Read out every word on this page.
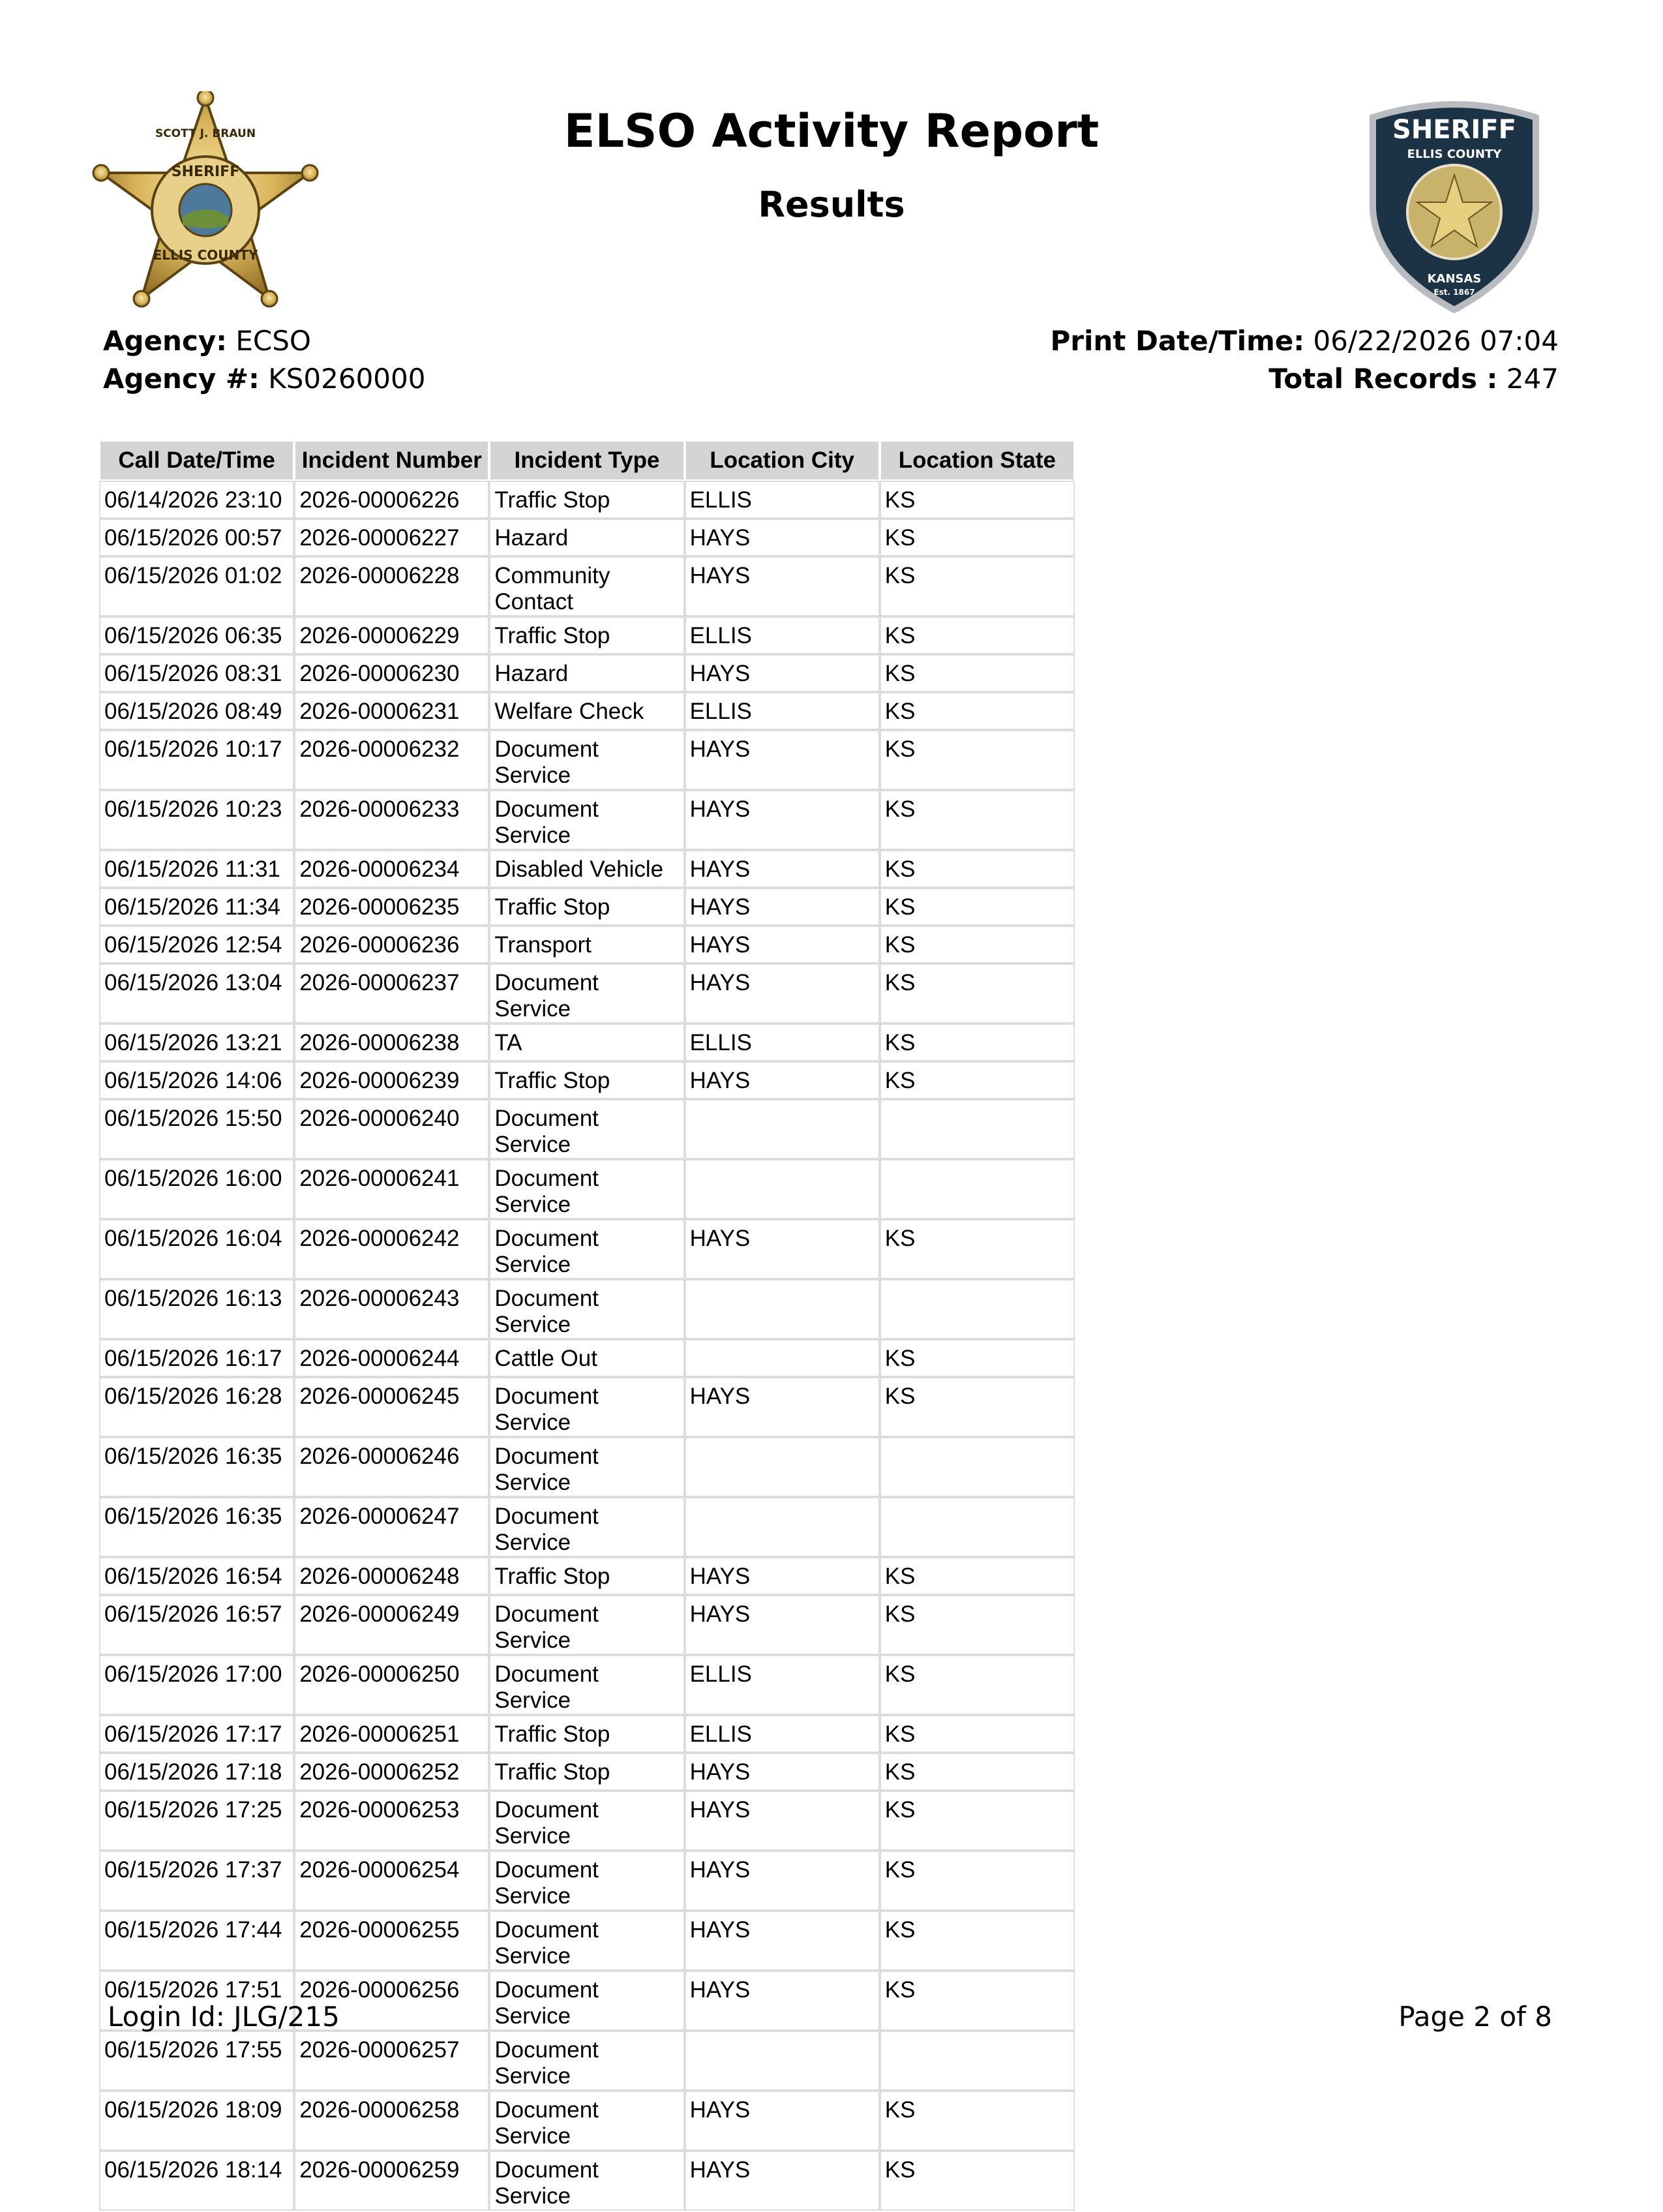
SHERIFF
SCOTT J. BRAUN
ELLIS COUNTY
ELSO Activity Report
Results
SHERIFF
ELLIS COUNTY
KANSAS
Est. 1867
Agency: ECSO
Agency #: KS0260000
Print Date/Time: 06/22/2026 07:04
Total Records : 247
Call Date/Time	Incident Number	Incident Type	Location City	Location State
06/14/2026 23:10	2026-00006226	Traffic Stop	ELLIS	KS
06/15/2026 00:57	2026-00006227	Hazard	HAYS	KS
06/15/2026 01:02	2026-00006228	Community Contact	HAYS	KS
06/15/2026 06:35	2026-00006229	Traffic Stop	ELLIS	KS
06/15/2026 08:31	2026-00006230	Hazard	HAYS	KS
06/15/2026 08:49	2026-00006231	Welfare Check	ELLIS	KS
06/15/2026 10:17	2026-00006232	Document Service	HAYS	KS
06/15/2026 10:23	2026-00006233	Document Service	HAYS	KS
06/15/2026 11:31	2026-00006234	Disabled Vehicle	HAYS	KS
06/15/2026 11:34	2026-00006235	Traffic Stop	HAYS	KS
06/15/2026 12:54	2026-00006236	Transport	HAYS	KS
06/15/2026 13:04	2026-00006237	Document Service	HAYS	KS
06/15/2026 13:21	2026-00006238	TA	ELLIS	KS
06/15/2026 14:06	2026-00006239	Traffic Stop	HAYS	KS
06/15/2026 15:50	2026-00006240	Document Service		
06/15/2026 16:00	2026-00006241	Document Service		
06/15/2026 16:04	2026-00006242	Document Service	HAYS	KS
06/15/2026 16:13	2026-00006243	Document Service		
06/15/2026 16:17	2026-00006244	Cattle Out		KS
06/15/2026 16:28	2026-00006245	Document Service	HAYS	KS
06/15/2026 16:35	2026-00006246	Document Service		
06/15/2026 16:35	2026-00006247	Document Service		
06/15/2026 16:54	2026-00006248	Traffic Stop	HAYS	KS
06/15/2026 16:57	2026-00006249	Document Service	HAYS	KS
06/15/2026 17:00	2026-00006250	Document Service	ELLIS	KS
06/15/2026 17:17	2026-00006251	Traffic Stop	ELLIS	KS
06/15/2026 17:18	2026-00006252	Traffic Stop	HAYS	KS
06/15/2026 17:25	2026-00006253	Document Service	HAYS	KS
06/15/2026 17:37	2026-00006254	Document Service	HAYS	KS
06/15/2026 17:44	2026-00006255	Document Service	HAYS	KS
06/15/2026 17:51	2026-00006256	Document Service	HAYS	KS
06/15/2026 17:55	2026-00006257	Document Service		
06/15/2026 18:09	2026-00006258	Document Service	HAYS	KS
06/15/2026 18:14	2026-00006259	Document Service	HAYS	KS
Login Id: JLG/215	Page 2 of 8
